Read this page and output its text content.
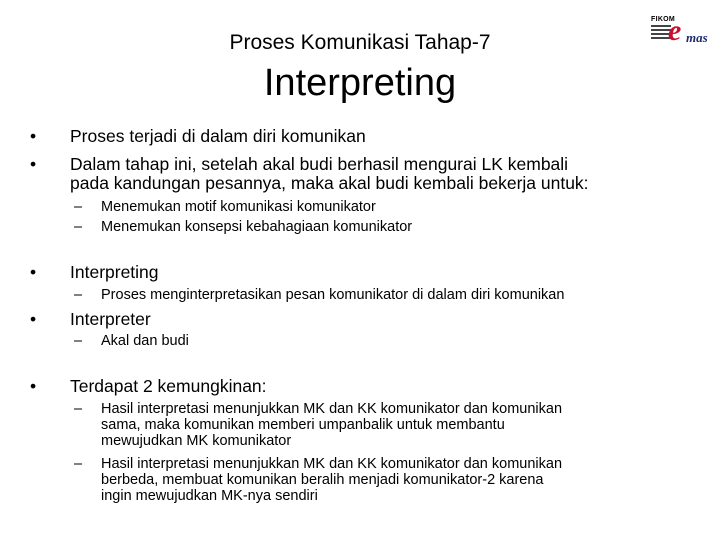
Proses Komunikasi Tahap-7
Interpreting
FIKOM
e mas
• Proses terjadi di dalam diri komunikan
• Dalam tahap ini, setelah akal budi berhasil mengurai LK kembali
pada kandungan pesannya, maka akal budi kembali bekerja untuk:
– Menemukan motif komunikasi komunikator
– Menemukan konsepsi kebahagiaan komunikator
• Interpreting
– Proses menginterpretasikan pesan komunikator di dalam diri komunikan
• Interpreter
– Akal dan budi
• Terdapat 2 kemungkinan:
– Hasil interpretasi menunjukkan MK dan KK komunikator dan komunikan
sama, maka komunikan memberi umpanbalik untuk membantu
mewujudkan MK komunikator
– Hasil interpretasi menunjukkan MK dan KK komunikator dan komunikan
berbeda, membuat komunikan beralih menjadi komunikator-2 karena
ingin mewujudkan MK-nya sendiri
